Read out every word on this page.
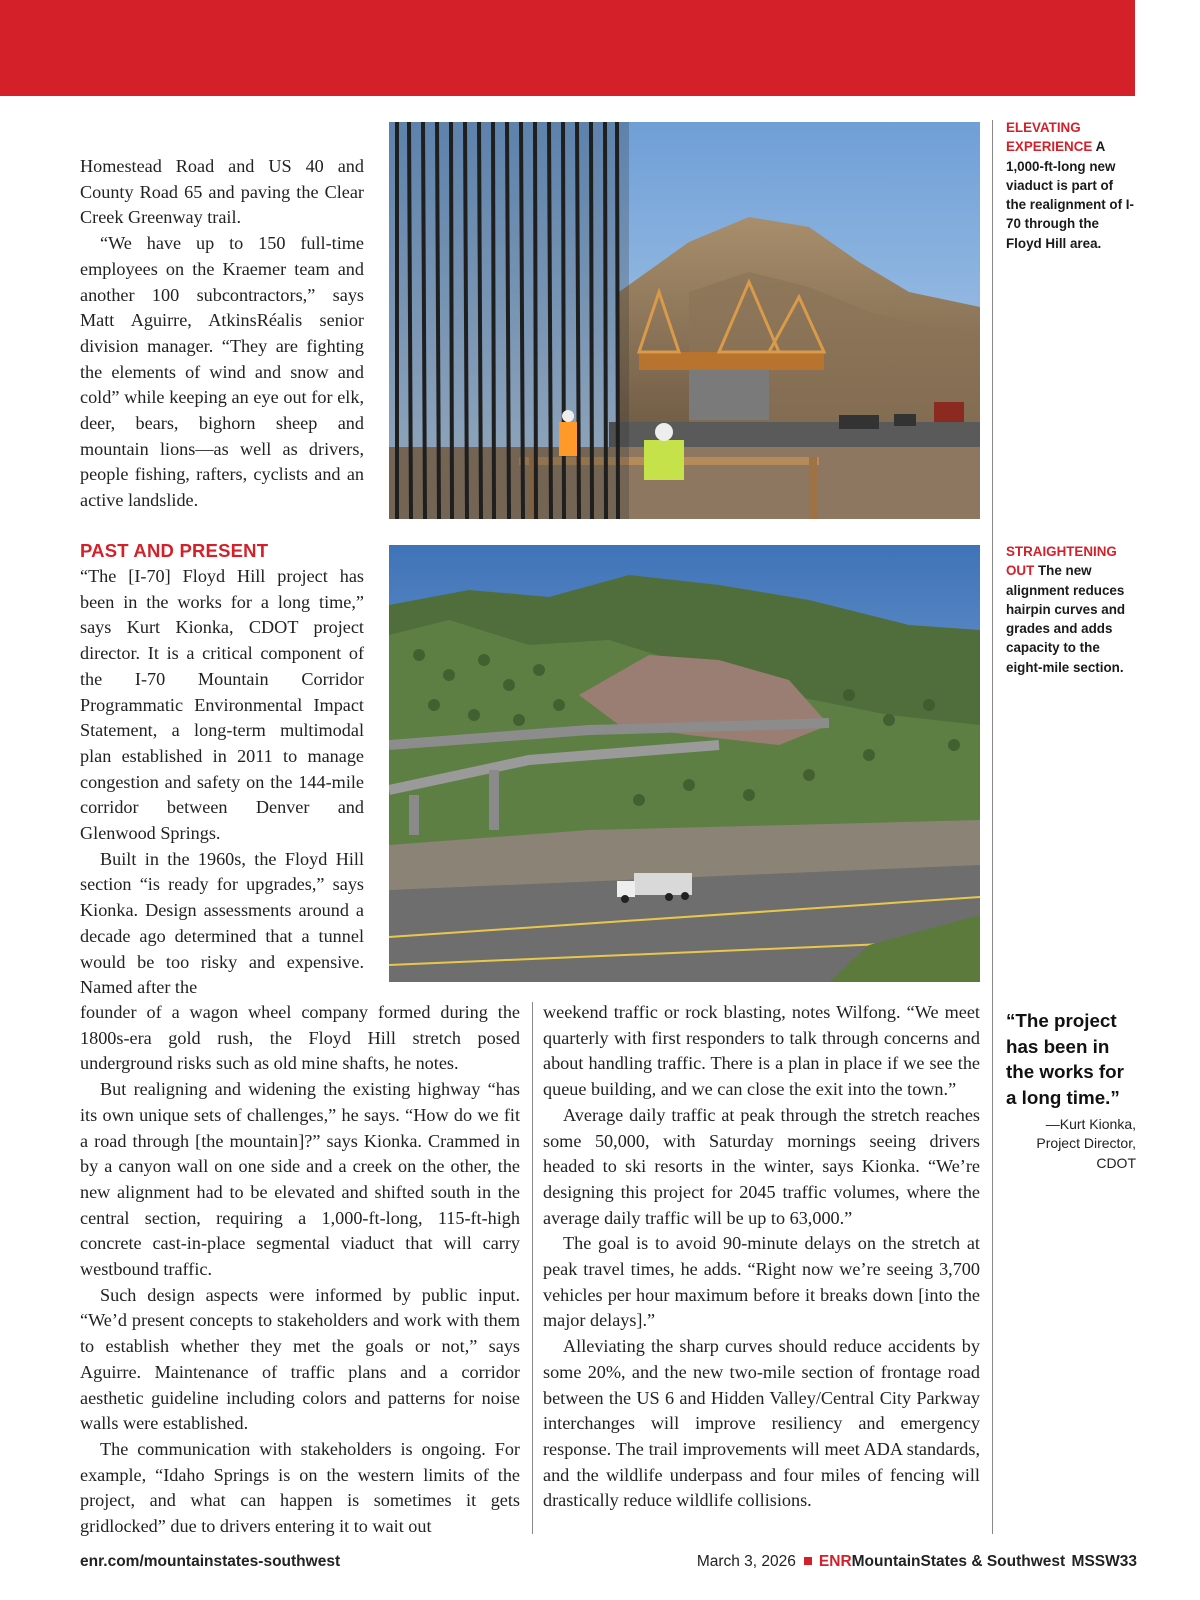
Homestead Road and US 40 and County Road 65 and paving the Clear Creek Greenway trail.

“We have up to 150 full-time employees on the Kraemer team and another 100 subcontractors,” says Matt Aguirre, AtkinsRéalis senior division manager. “They are fighting the elements of wind and snow and cold” while keeping an eye out for elk, deer, bears, bighorn sheep and mountain lions—as well as drivers, people fishing, rafters, cyclists and an active landslide.

PAST AND PRESENT

“The [I-70] Floyd Hill project has been in the works for a long time,” says Kurt Kionka, CDOT project director. It is a critical component of the I-70 Mountain Corridor Programmatic Environmental Impact Statement, a long-term multimodal plan established in 2011 to manage congestion and safety on the 144-mile corridor between Denver and Glenwood Springs.

Built in the 1960s, the Floyd Hill section “is ready for upgrades,” says Kionka. Design assessments around a decade ago determined that a tunnel would be too risky and expensive. Named after the

founder of a wagon wheel company formed during the 1800s-era gold rush, the Floyd Hill stretch posed underground risks such as old mine shafts, he notes.

But realigning and widening the existing highway “has its own unique sets of challenges,” he says. “How do we fit a road through [the mountain]?” says Kionka. Crammed in by a canyon wall on one side and a creek on the other, the new alignment had to be elevated and shifted south in the central section, requiring a 1,000-ft-long, 115-ft-high concrete cast-in-place segmental viaduct that will carry westbound traffic.

Such design aspects were informed by public input. “We’d present concepts to stakeholders and work with them to establish whether they met the goals or not,” says Aguirre. Maintenance of traffic plans and a corridor aesthetic guideline including colors and patterns for noise walls were established.

The communication with stakeholders is ongoing. For example, “Idaho Springs is on the western limits of the project, and what can happen is sometimes it gets gridlocked” due to drivers entering it to wait out

weekend traffic or rock blasting, notes Wilfong. “We meet quarterly with first responders to talk through concerns and about handling traffic. There is a plan in place if we see the queue building, and we can close the exit into the town.”

Average daily traffic at peak through the stretch reaches some 50,000, with Saturday mornings seeing drivers headed to ski resorts in the winter, says Kionka. “We’re designing this project for 2045 traffic volumes, where the average daily traffic will be up to 63,000.”

The goal is to avoid 90-minute delays on the stretch at peak travel times, he adds. “Right now we’re seeing 3,700 vehicles per hour maximum before it breaks down [into the major delays].”

Alleviating the sharp curves should reduce accidents by some 20%, and the new two-mile section of frontage road between the US 6 and Hidden Valley/Central City Parkway interchanges will improve resiliency and emergency response. The trail improvements will meet ADA standards, and the wildlife underpass and four miles of fencing will drastically reduce wildlife collisions.

ELEVATING EXPERIENCE A 1,000-ft-long new viaduct is part of the realignment of I-70 through the Floyd Hill area.
STRAIGHTENING OUT The new alignment reduces hairpin curves and grades and adds capacity to the eight-mile section.

“The project has been in the works for a long time.”

—Kurt Kionka,
Project Director,
CDOT

enr.com/mountainstates-southwest	March 3, 2026 ENRMountainStates & Southwest MSSW33
